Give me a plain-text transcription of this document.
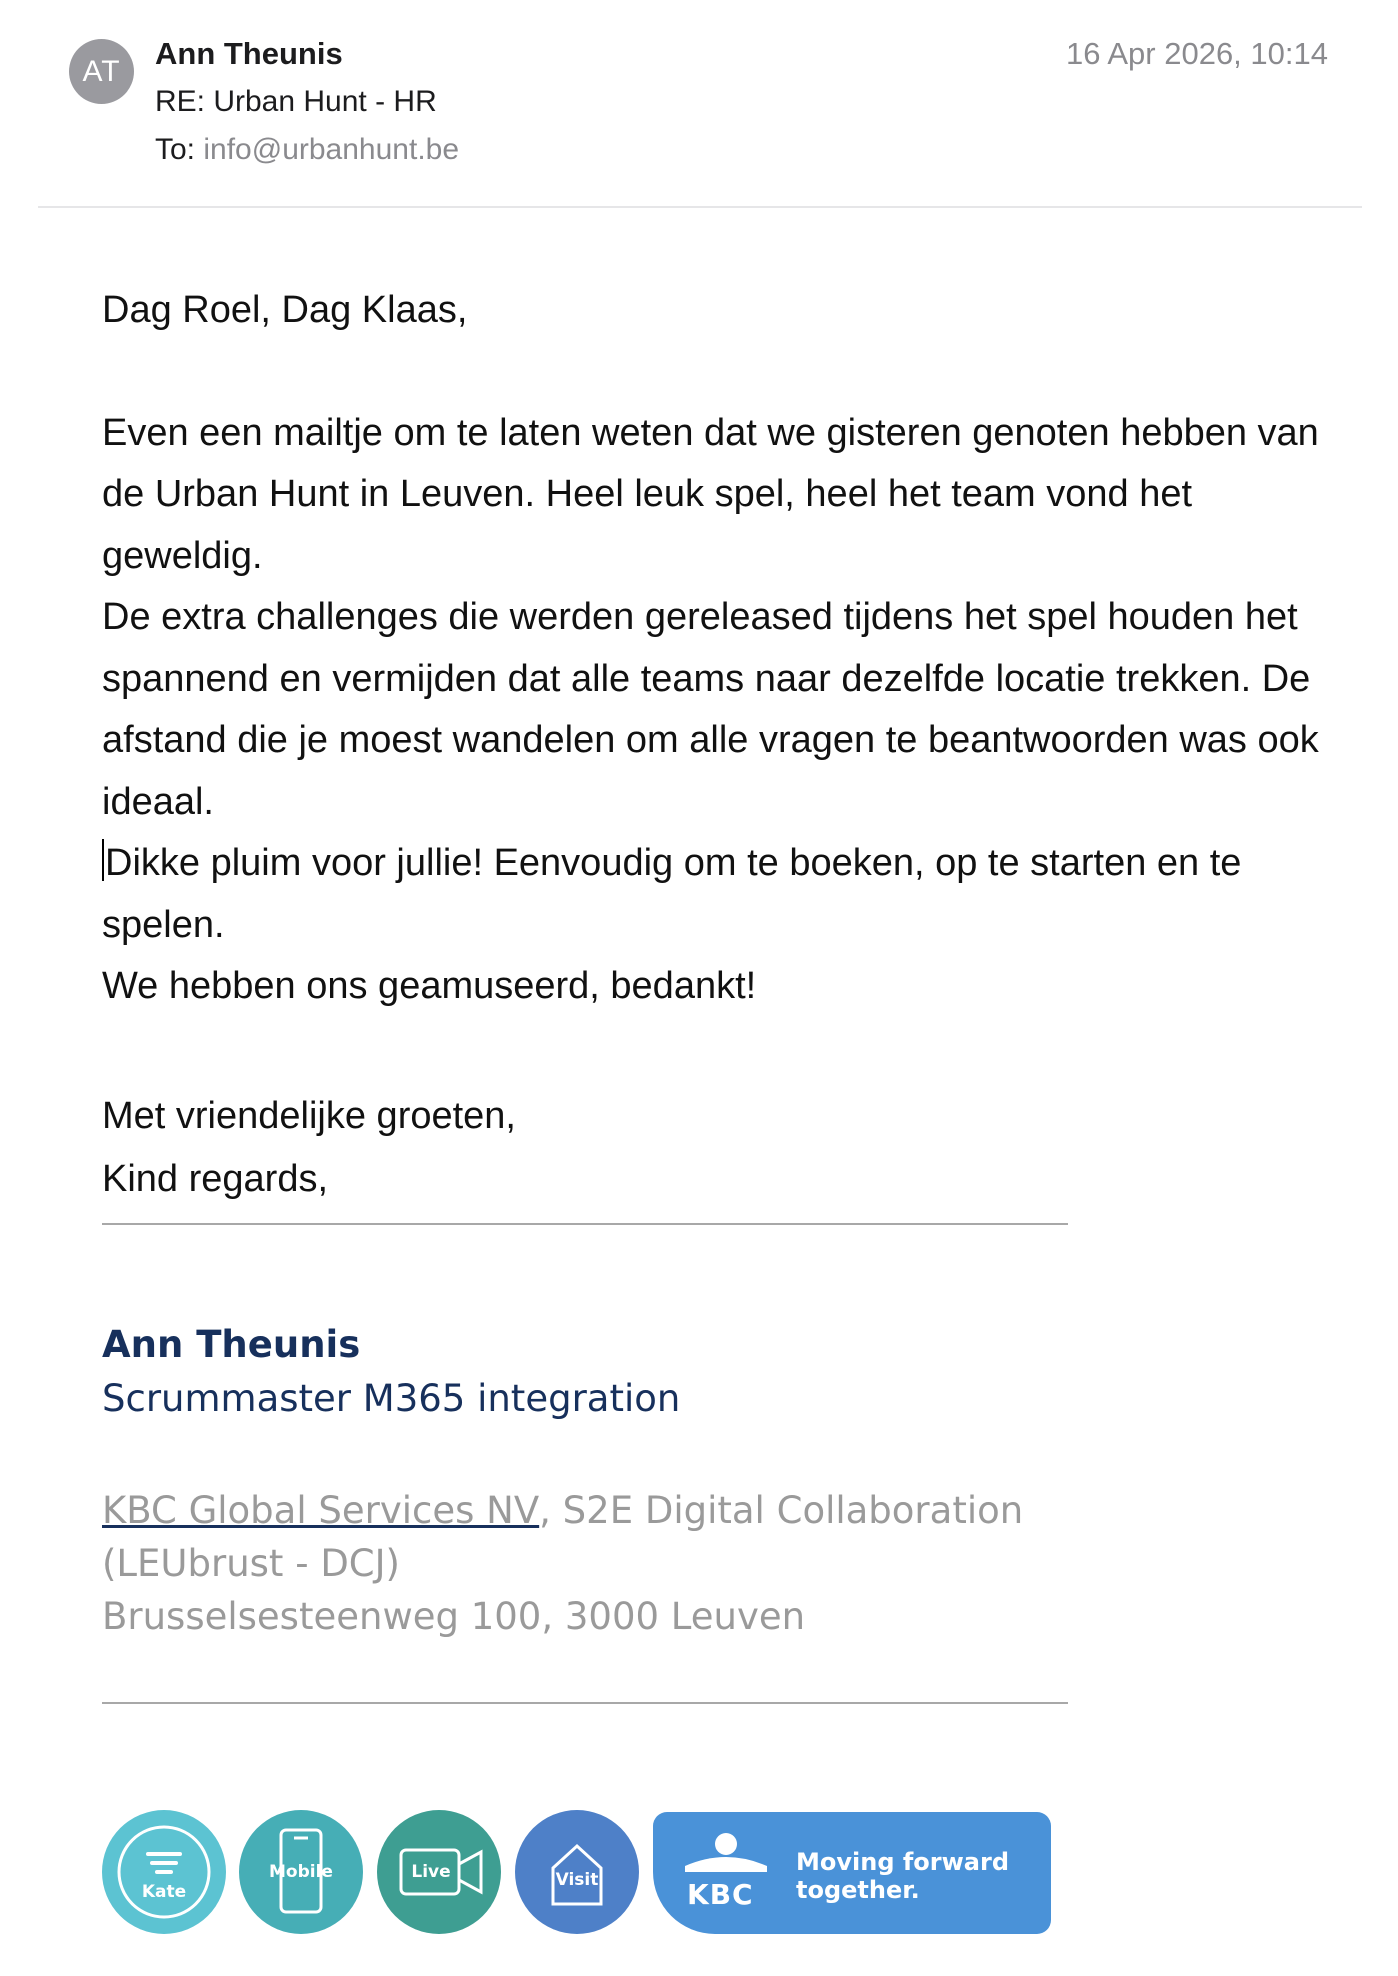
AT	Ann Theunis
RE: Urban Hunt - HR
To: info@urbanhunt.be
16 Apr 2026, 10:14

Dag Roel, Dag Klaas,

Even een mailtje om te laten weten dat we gisteren genoten hebben van de Urban Hunt in Leuven. Heel leuk spel, heel het team vond het geweldig.

De extra challenges die werden gereleased tijdens het spel houden het spannend en vermijden dat alle teams naar dezelfde locatie trekken. De afstand die je moest wandelen om alle vragen te beantwoorden was ook ideaal.

Dikke pluim voor jullie! Eenvoudig om te boeken, op te starten en te spelen.

We hebben ons geamuseerd, bedankt!

Met vriendelijke groeten,

Kind regards,
Ann Theunis
Scrummaster M365 integration
KBC Global Services NV, S2E Digital Collaboration (LEUbrust - DCJ)
Brusselsesteenweg 100, 3000 Leuven
Kate
Mobile	Live	Visit	KBC
Moving forward
together.
